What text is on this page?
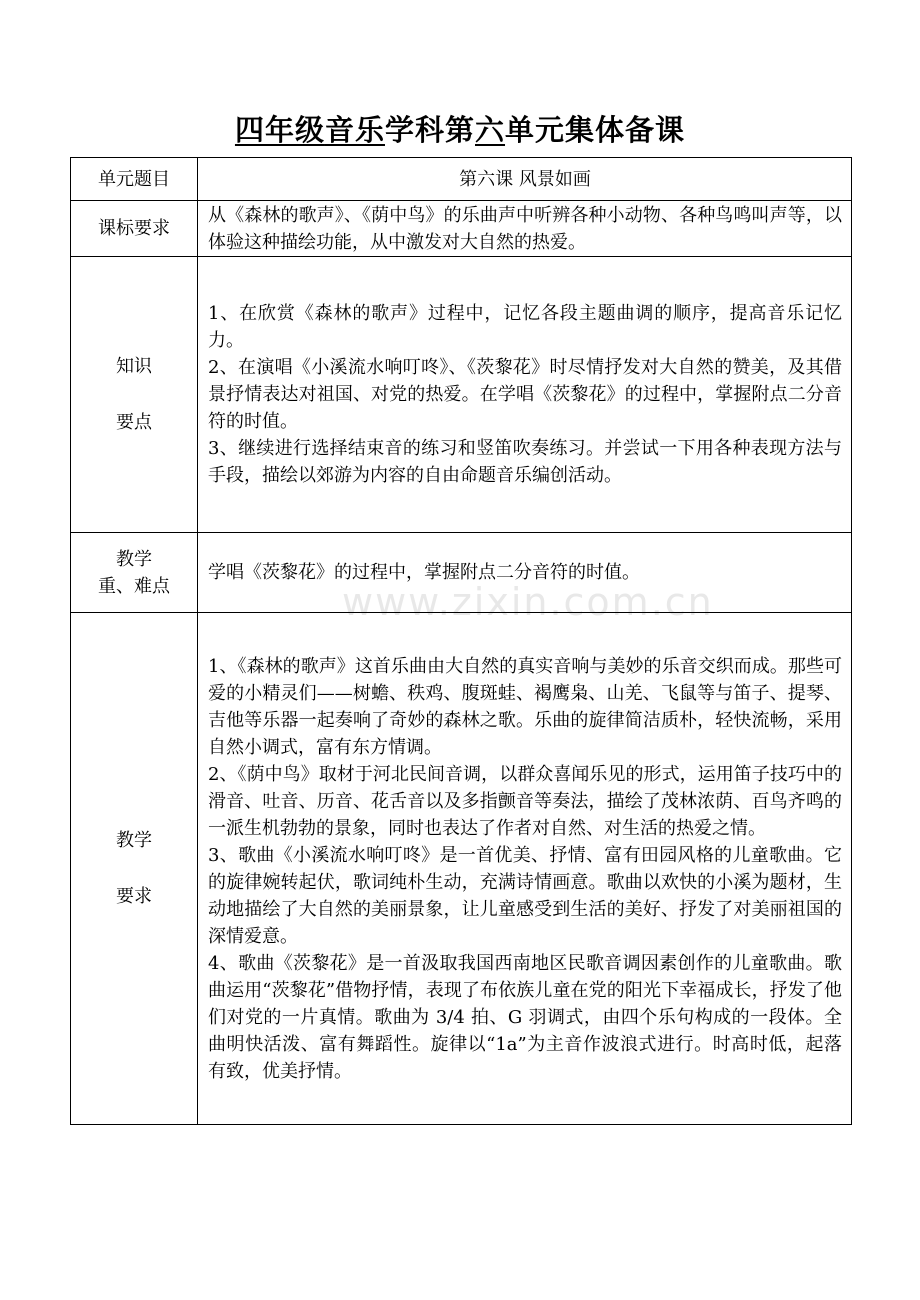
四年级音乐学科第六单元集体备课
www.zixin.com.cn
单元题目	第六课 风景如画
课标要求	从《森林的歌声》、《荫中鸟》的乐曲声中听辨各种小动物、各种鸟鸣叫声等，以体验这种描绘功能，从中激发对大自然的热爱。

知识
要点	1、在欣赏《森林的歌声》过程中，记忆各段主题曲调的顺序，提高音乐记忆力。
2、在演唱《小溪流水响叮咚》、《茨黎花》时尽情抒发对大自然的赞美，及其借景抒情表达对祖国、对党的热爱。在学唱《茨黎花》的过程中，掌握附点二分音符的时值。
3、继续进行选择结束音的练习和竖笛吹奏练习。并尝试一下用各种表现方法与手段，描绘以郊游为内容的自由命题音乐编创活动。

教学
重、难点	学唱《茨黎花》的过程中，掌握附点二分音符的时值。

教学
要求	1、《森林的歌声》这首乐曲由大自然的真实音响与美妙的乐音交织而成。那些可爱的小精灵们——树蟾、秩鸡、腹斑蛙、褐鹰枭、山羌、飞鼠等与笛子、提琴、吉他等乐器一起奏响了奇妙的森林之歌。乐曲的旋律简洁质朴，轻快流畅，采用自然小调式，富有东方情调。
2、《荫中鸟》取材于河北民间音调，以群众喜闻乐见的形式，运用笛子技巧中的滑音、吐音、历音、花舌音以及多指颤音等奏法，描绘了茂林浓荫、百鸟齐鸣的一派生机勃勃的景象，同时也表达了作者对自然、对生活的热爱之情。
3、歌曲《小溪流水响叮咚》是一首优美、抒情、富有田园风格的儿童歌曲。它的旋律婉转起伏，歌词纯朴生动，充满诗情画意。歌曲以欢快的小溪为题材，生动地描绘了大自然的美丽景象，让儿童感受到生活的美好、抒发了对美丽祖国的深情爱意。
4、歌曲《茨黎花》是一首汲取我国西南地区民歌音调因素创作的儿童歌曲。歌曲运用“茨黎花”借物抒情，表现了布依族儿童在党的阳光下幸福成长，抒发了他们对党的一片真情。歌曲为 3/4 拍、G 羽调式，由四个乐句构成的一段体。全曲明快活泼、富有舞蹈性。旋律以“1a”为主音作波浪式进行。时高时低，起落有致，优美抒情。
